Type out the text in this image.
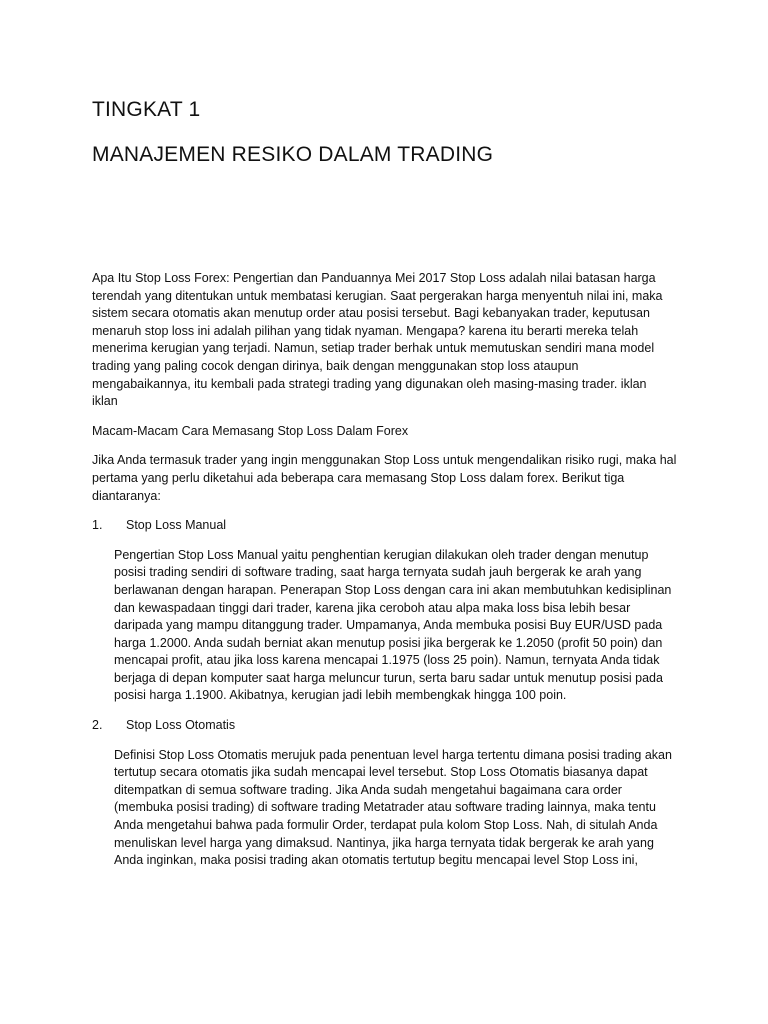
TINGKAT 1
MANAJEMEN RESIKO DALAM TRADING

Apa Itu Stop Loss Forex: Pengertian dan Panduannya Mei 2017 Stop Loss adalah nilai batasan harga
terendah yang ditentukan untuk membatasi kerugian. Saat pergerakan harga menyentuh nilai ini, maka
sistem secara otomatis akan menutup order atau posisi tersebut. Bagi kebanyakan trader, keputusan
menaruh stop loss ini adalah pilihan yang tidak nyaman. Mengapa? karena itu berarti mereka telah
menerima kerugian yang terjadi. Namun, setiap trader berhak untuk memutuskan sendiri mana model
trading yang paling cocok dengan dirinya, baik dengan menggunakan stop loss ataupun
mengabaikannya, itu kembali pada strategi trading yang digunakan oleh masing-masing trader. iklan
iklan

Macam-Macam Cara Memasang Stop Loss Dalam Forex

Jika Anda termasuk trader yang ingin menggunakan Stop Loss untuk mengendalikan risiko rugi, maka hal
pertama yang perlu diketahui ada beberapa cara memasang Stop Loss dalam forex. Berikut tiga
diantaranya:

1. Stop Loss Manual

Pengertian Stop Loss Manual yaitu penghentian kerugian dilakukan oleh trader dengan menutup
posisi trading sendiri di software trading, saat harga ternyata sudah jauh bergerak ke arah yang
berlawanan dengan harapan. Penerapan Stop Loss dengan cara ini akan membutuhkan kedisiplinan
dan kewaspadaan tinggi dari trader, karena jika ceroboh atau alpa maka loss bisa lebih besar
daripada yang mampu ditanggung trader. Umpamanya, Anda membuka posisi Buy EUR/USD pada
harga 1.2000. Anda sudah berniat akan menutup posisi jika bergerak ke 1.2050 (profit 50 poin) dan
mencapai profit, atau jika loss karena mencapai 1.1975 (loss 25 poin). Namun, ternyata Anda tidak
berjaga di depan komputer saat harga meluncur turun, serta baru sadar untuk menutup posisi pada
posisi harga 1.1900. Akibatnya, kerugian jadi lebih membengkak hingga 100 poin.

2. Stop Loss Otomatis

Definisi Stop Loss Otomatis merujuk pada penentuan level harga tertentu dimana posisi trading akan
tertutup secara otomatis jika sudah mencapai level tersebut. Stop Loss Otomatis biasanya dapat
ditempatkan di semua software trading. Jika Anda sudah mengetahui bagaimana cara order
(membuka posisi trading) di software trading Metatrader atau software trading lainnya, maka tentu
Anda mengetahui bahwa pada formulir Order, terdapat pula kolom Stop Loss. Nah, di situlah Anda
menuliskan level harga yang dimaksud. Nantinya, jika harga ternyata tidak bergerak ke arah yang
Anda inginkan, maka posisi trading akan otomatis tertutup begitu mencapai level Stop Loss ini,
